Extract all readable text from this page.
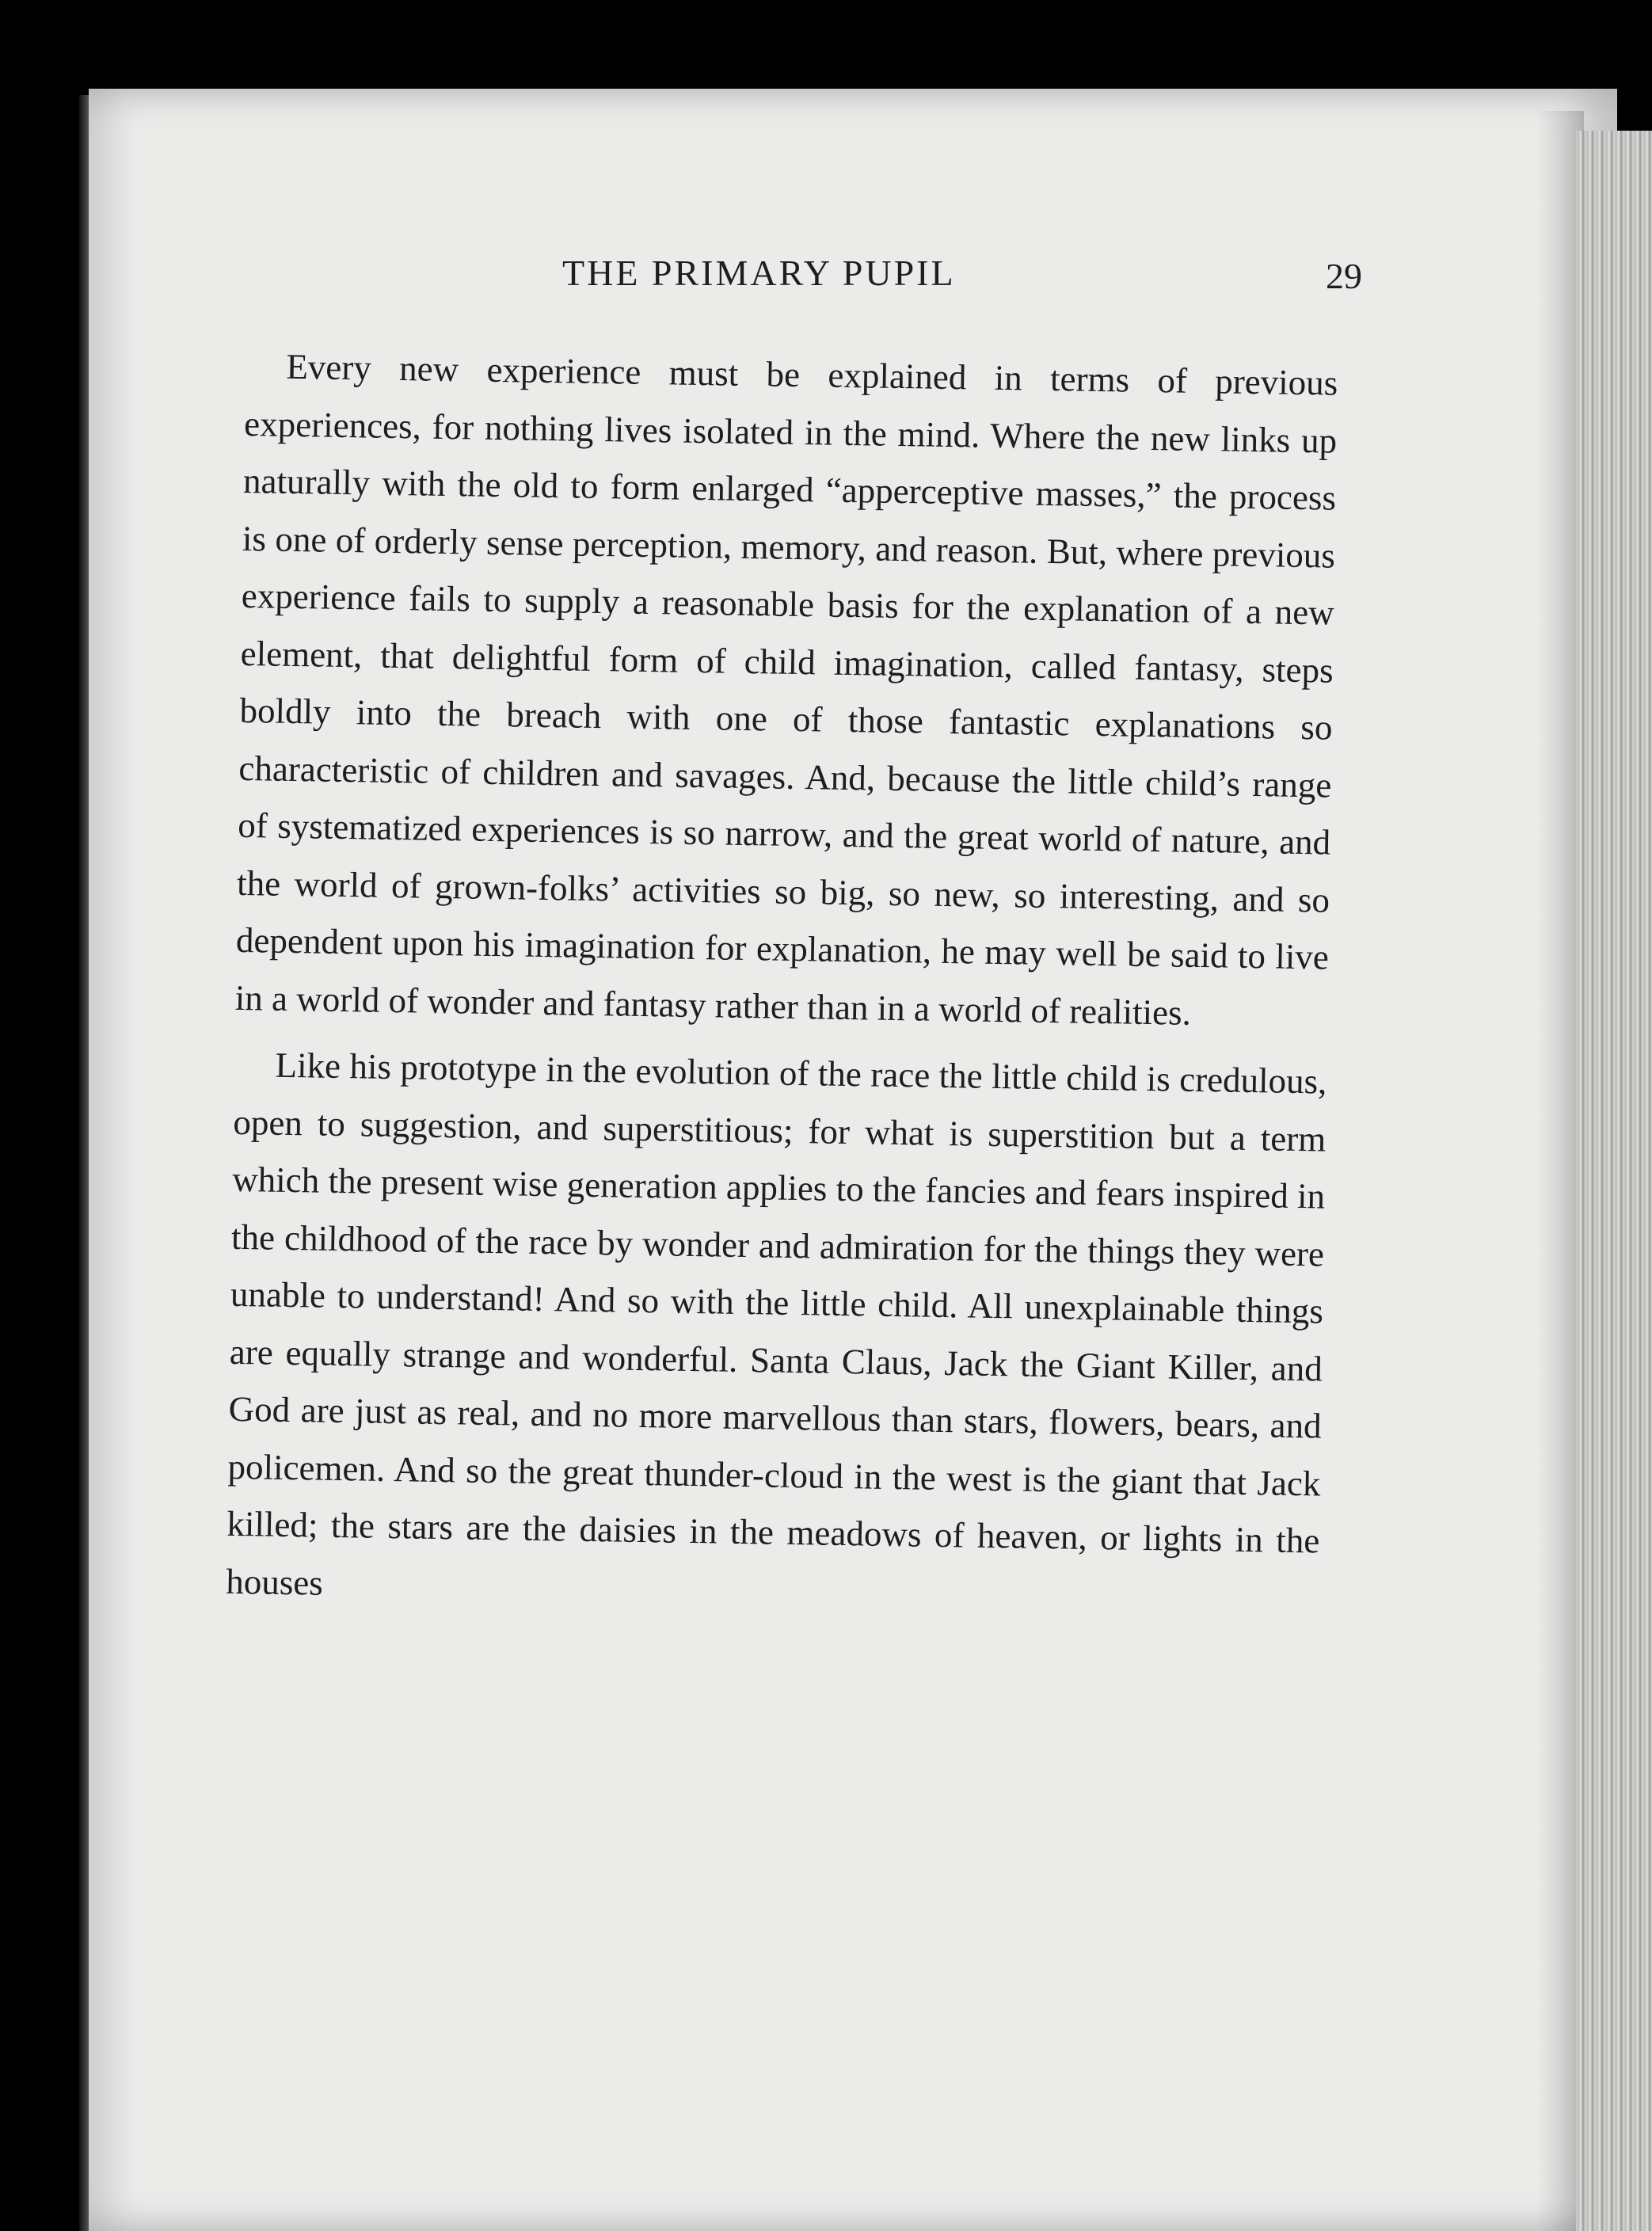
THE PRIMARY PUPIL	29

Every new experience must be explained in terms of previous experiences, for nothing lives isolated in the mind. Where the new links up naturally with the old to form enlarged “apperceptive masses,” the process is one of orderly sense perception, memory, and reason. But, where previous experience fails to supply a reasonable basis for the explanation of a new element, that delightful form of child imagination, called fantasy, steps boldly into the breach with one of those fantastic explanations so characteristic of children and savages. And, because the little child’s range of systematized experiences is so narrow, and the great world of nature, and the world of grown-folks’ activities so big, so new, so interesting, and so dependent upon his imagination for explanation, he may well be said to live in a world of wonder and fantasy rather than in a world of realities.

Like his prototype in the evolution of the race the little child is credulous, open to suggestion, and superstitious; for what is superstition but a term which the present wise generation applies to the fancies and fears inspired in the childhood of the race by wonder and admiration for the things they were unable to understand! And so with the little child. All unexplainable things are equally strange and wonderful. Santa Claus, Jack the Giant Killer, and God are just as real, and no more marvellous than stars, flowers, bears, and policemen. And so the great thunder-cloud in the west is the giant that Jack killed; the stars are the daisies in the meadows of heaven, or lights in the houses
